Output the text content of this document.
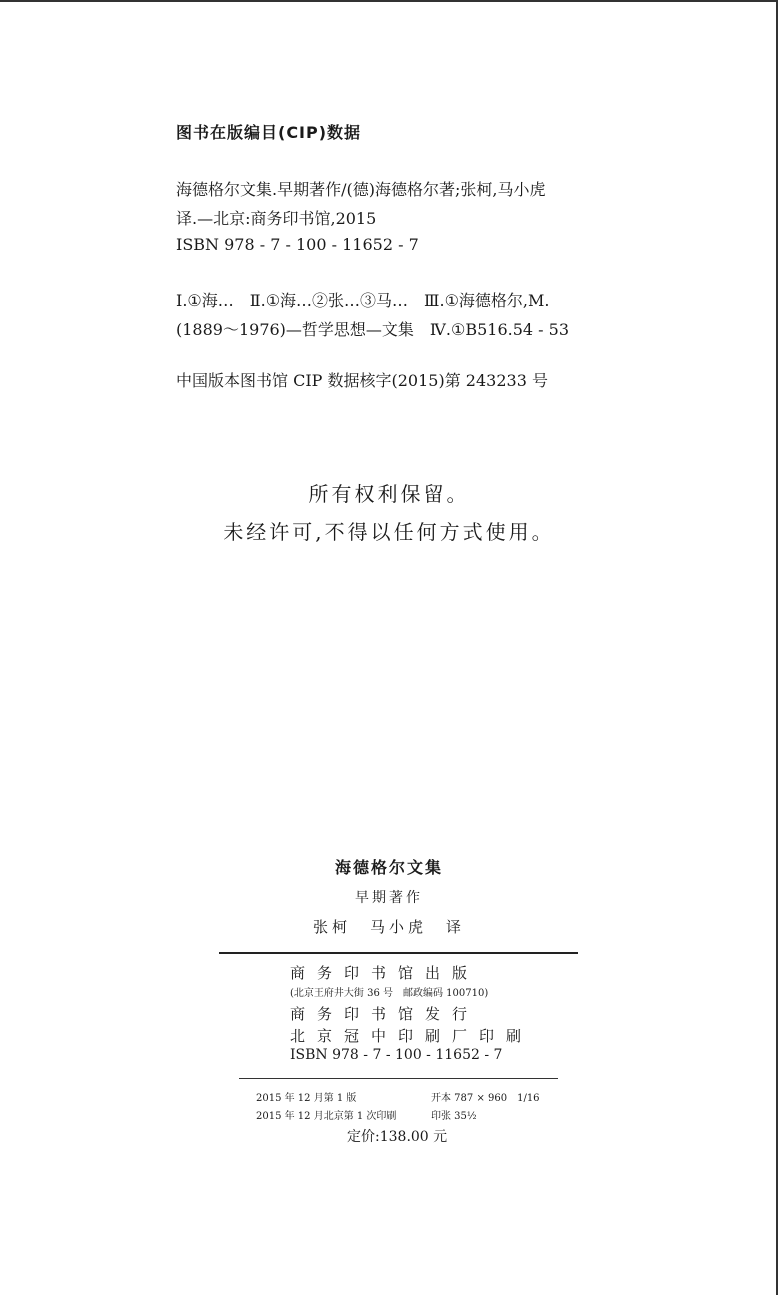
图书在版编目(CIP)数据
海德格尔文集.早期著作/(德)海德格尔著;张柯,马小虎
译.—北京:商务印书馆,2015
ISBN 978 - 7 - 100 - 11652 - 7
Ⅰ.①海…　Ⅱ.①海…②张…③马…　Ⅲ.①海德格尔,M.
(1889～1976)—哲学思想—文集　Ⅳ.①B516.54 - 53
中国版本图书馆 CIP 数据核字(2015)第 243233 号
所有权利保留。
未经许可,不得以任何方式使用。
海德格尔文集
早期著作
张柯　马小虎　译
商务印书馆出版
(北京王府井大街 36 号　邮政编码 100710)
商务印书馆发行
北京冠中印刷厂印刷
ISBN 978 - 7 - 100 - 11652 - 7
2015 年 12 月第 1 版	开本 787 × 960　1/16
2015 年 12 月北京第 1 次印刷	印张 35½
定价:138.00 元
